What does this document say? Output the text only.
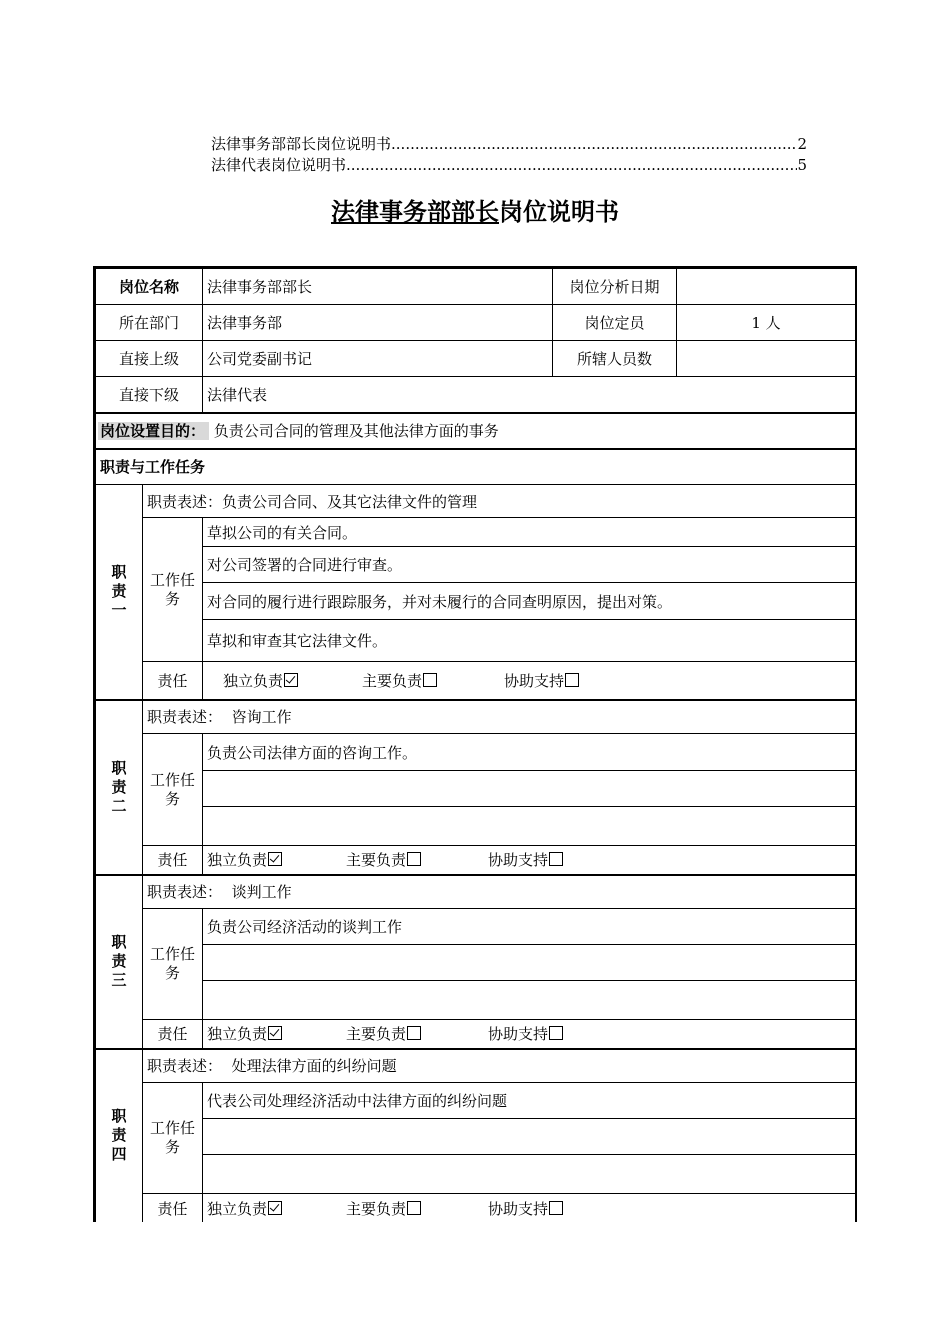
法律事务部部长岗位说明书 .....	2
法律代表岗位说明书 .....	5
法律事务部部长岗位说明书
岗位名称		法律事务部部长	岗位分析日期	
所在部门		法律事务部	岗位定员	1 人
直接上级		公司党委副书记	所辖人员数	
直接下级		法律代表		
岗位设置目的： 负责公司合同的管理及其他法律方面的事务				
职责与工作任务				
职
责
一	职责表述：负责公司合同、及其它法律文件的管理			
	工作任务	草拟公司的有关合同。		
		对公司签署的合同进行审查。		
		对合同的履行进行跟踪服务，并对未履行的合同查明原因，提出对策。		
		草拟和审查其它法律文件。		
	责任	独立负责 主要负责 协助支持		
职
责
二	职责表述： 咨询工作			
	工作任务	负责公司法律方面的咨询工作。		

	责任	独立负责 主要负责 协助支持		
职
责
三	职责表述： 谈判工作			
	工作任务	负责公司经济活动的谈判工作		

	责任	独立负责 主要负责 协助支持		
职
责
四	职责表述： 处理法律方面的纠纷问题			
	工作任务	代表公司处理经济活动中法律方面的纠纷问题		

	责任	独立负责 主要负责 协助支持		
